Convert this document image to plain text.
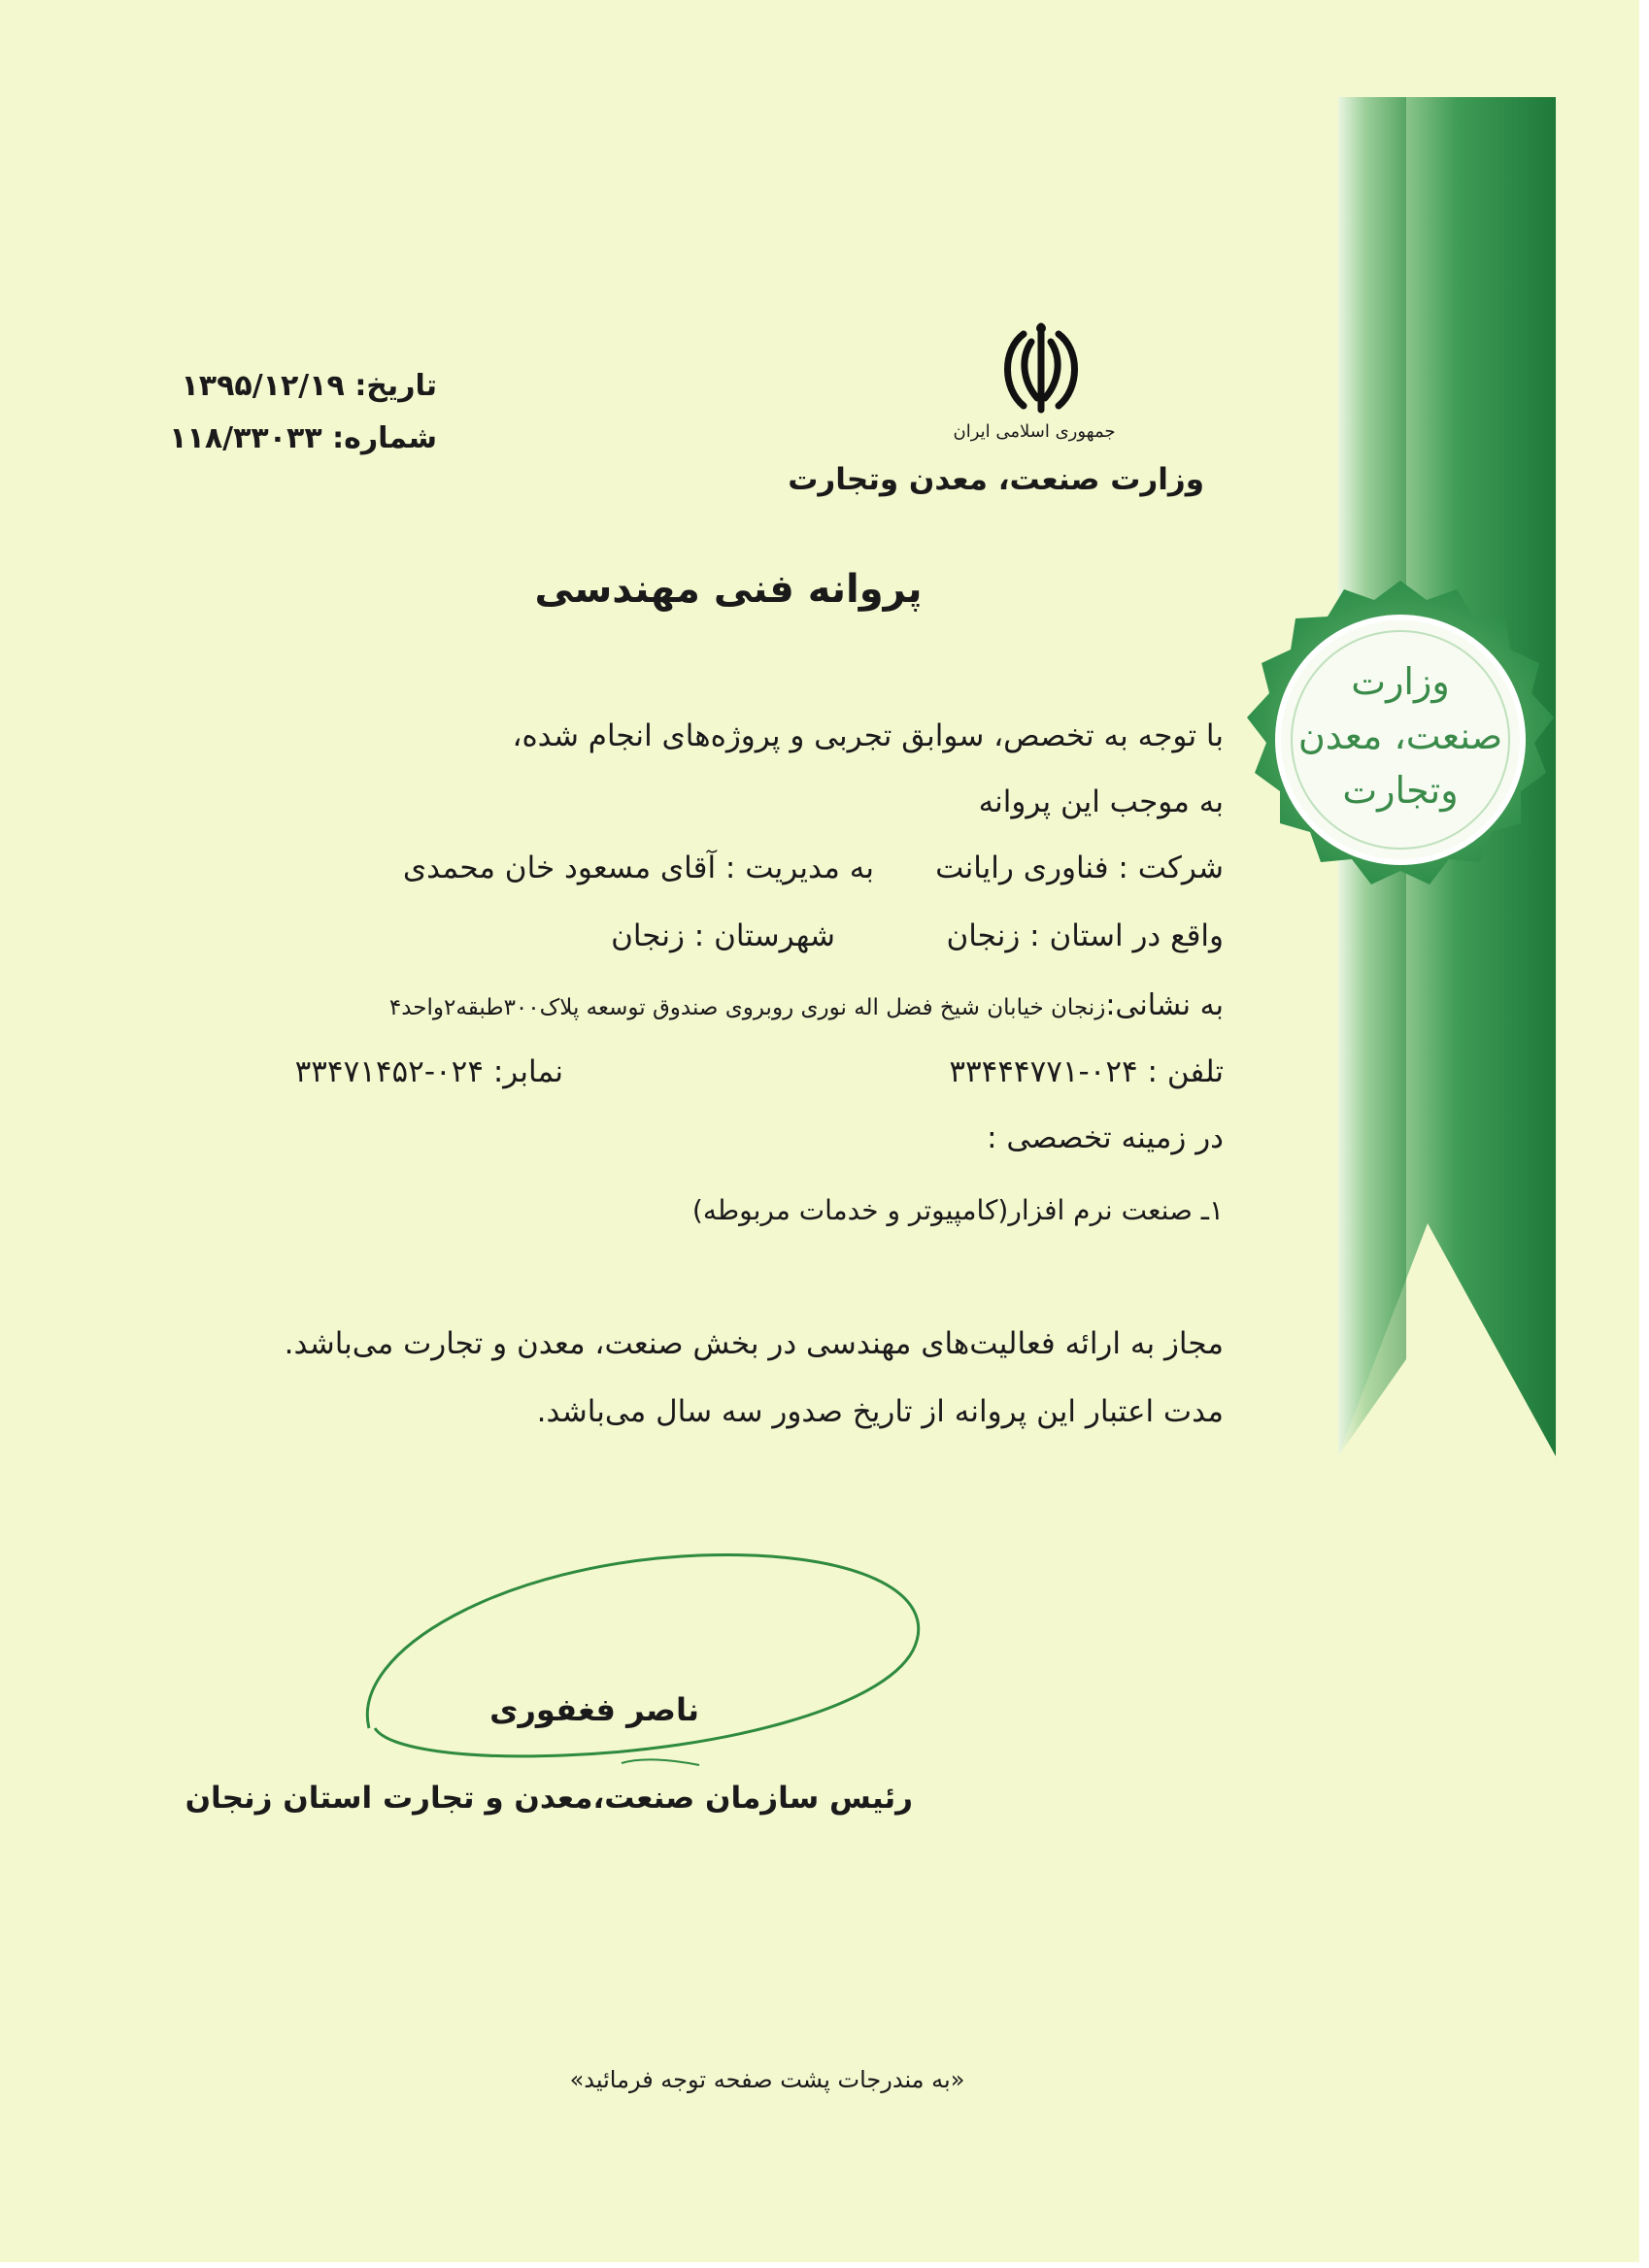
وزارت
صنعت، معدن
وتجارت
جمهوری اسلامی ایران
وزارت صنعت، معدن وتجارت
تاریخ: ۱۳۹۵/۱۲/۱۹
شماره: ۱۱۸/۳۳۰۳۳
پروانه فنی مهندسی
با توجه به تخصص، سوابق تجربی و پروژه‌های انجام شده،
به موجب این پروانه
شرکت : فناوری رایانت
به مدیریت : آقای مسعود خان محمدی
واقع در استان : زنجان
شهرستان : زنجان
به نشانی:زنجان خیابان شیخ فضل اله نوری روبروی صندوق توسعه پلاک۳۰۰طبقه۲واحد۴
تلفن : ۰۲۴-۳۳۴۴۴۷۷۱
نمابر: ۰۲۴-۳۳۴۷۱۴۵۲
در زمینه تخصصی :
۱ـ صنعت نرم افزار(کامپیوتر و خدمات مربوطه)
مجاز به ارائه فعالیت‌های مهندسی در بخش صنعت، معدن و تجارت می‌باشد.
مدت اعتبار این پروانه از تاریخ صدور سه سال می‌باشد.
ناصر فغفوری
رئیس سازمان صنعت،معدن و تجارت استان زنجان
«به مندرجات پشت صفحه توجه فرمائید»
